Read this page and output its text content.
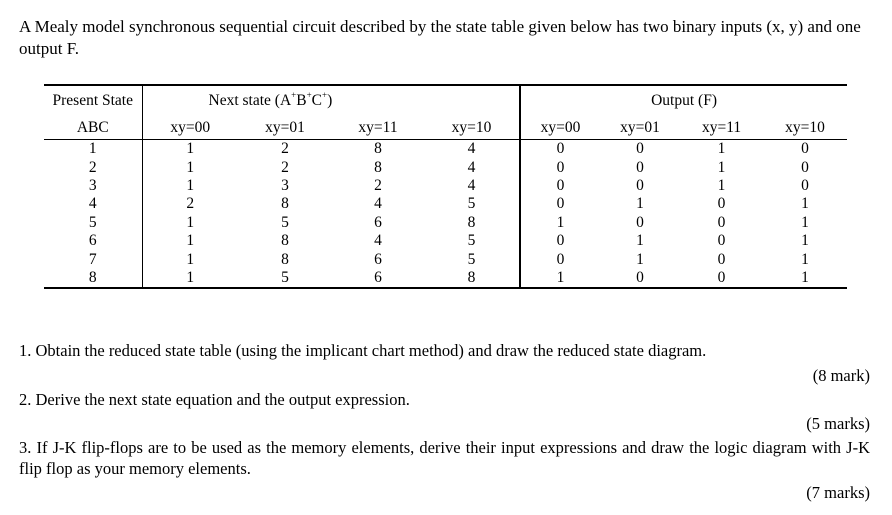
A Mealy model synchronous sequential circuit described by the state table given below has two binary inputs (x, y) and one output F.
Present State	Next state (A+B+C+)				Output (F)			
ABC	xy=00	xy=01	xy=11	xy=10	xy=00	xy=01	xy=11	xy=10
1	1	2	8	4	0	0	1	0
2	1	2	8	4	0	0	1	0
3	1	3	2	4	0	0	1	0
4	2	8	4	5	0	1	0	1
5	1	5	6	8	1	0	0	1
6	1	8	4	5	0	1	0	1
7	1	8	6	5	0	1	0	1
8	1	5	6	8	1	0	0	1
1. Obtain the reduced state table (using the implicant chart method) and draw the reduced state diagram.
(8 mark)
2. Derive the next state equation and the output expression.
(5 marks)
3. If J-K flip-flops are to be used as the memory elements, derive their input expressions and draw the logic diagram with J-K flip flop as your memory elements.
(7 marks)
